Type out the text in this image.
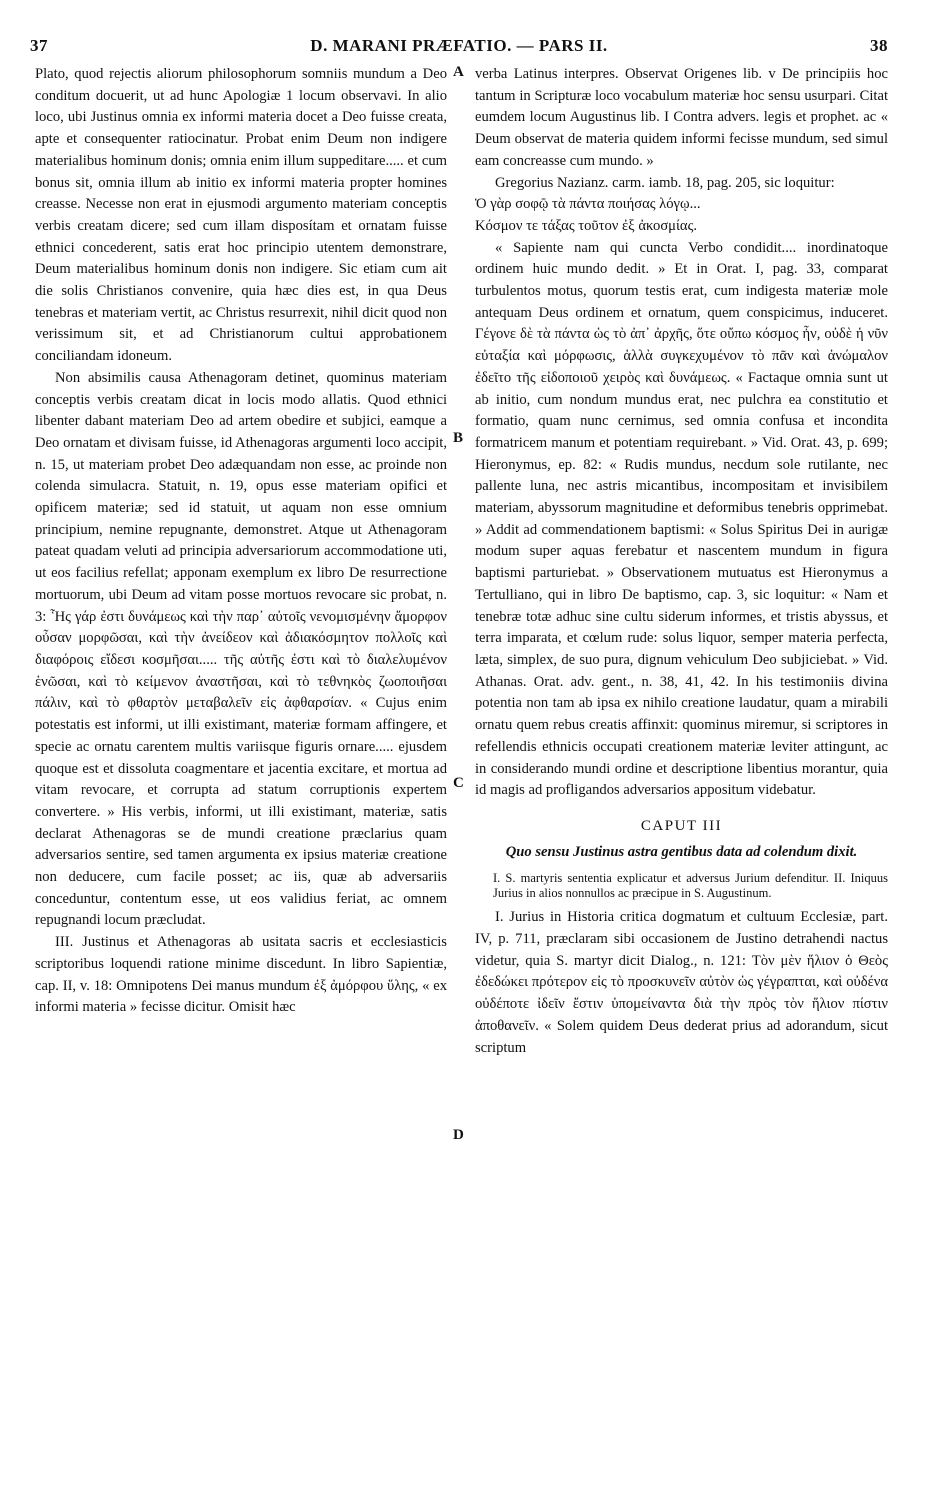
37	D. MARANI PRÆFATIO. — PARS II.	38
A
B
C
D

Plato, quod rejectis aliorum philosophorum somniis mundum a Deo conditum docuerit, ut ad hunc Apologiæ 1 locum observavi. In alio loco, ubi Justinus omnia ex informi materia docet a Deo fuisse creata, apte et consequenter ratiocinatur. Probat enim Deum non indigere materialibus hominum donis; omnia enim illum suppeditare..... et cum bonus sit, omnia illum ab initio ex informi materia propter homines creasse. Necesse non erat in ejusmodi argumento materiam conceptis verbis creatam dicere; sed cum illam disposítam et ornatam fuisse ethnici concederent, satis erat hoc principio utentem demonstrare, Deum materialibus hominum donis non indigere. Sic etiam cum ait die solis Christianos convenire, quia hæc dies est, in qua Deus tenebras et materiam vertit, ac Christus resurrexit, nihil dicit quod non verissimum sit, et ad Christianorum cultui approbationem conciliandam idoneum.

Non absimilis causa Athenagoram detinet, quominus materiam conceptis verbis creatam dicat in locis modo allatis. Quod ethnici libenter dabant materiam Deo ad artem obedire et subjici, eamque a Deo ornatam et divisam fuisse, id Athenagoras argumenti loco accipit, n. 15, ut materiam probet Deo adæquandam non esse, ac proinde non colenda simulacra. Statuit, n. 19, opus esse materiam opifici et opificem materiæ; sed id statuit, ut aquam non esse omnium principium, nemine repugnante, demonstret. Atque ut Athenagoram pateat quadam veluti ad principia adversariorum accommodatione uti, ut eos facilius refellat; apponam exemplum ex libro De resurrectione mortuorum, ubi Deum ad vitam posse mortuos revocare sic probat, n. 3: Ἧς γάρ ἐστι δυνάμεως καὶ τὴν παρ᾽ αὐτοῖς νενομισμένην ἄμορφον οὖσαν μορφῶσαι, καὶ τὴν ἀνείδεον καὶ ἀδιακόσμητον πολλοῖς καὶ διαφόροις εἴδεσι κοσμῆσαι..... τῆς αὐτῆς ἐστι καὶ τὸ διαλελυμένον ἑνῶσαι, καὶ τὸ κείμενον ἀναστῆσαι, καὶ τὸ τεθνηκὸς ζωοποιῆσαι πάλιν, καὶ τὸ φθαρτὸν μεταβαλεῖν εἰς ἀφθαρσίαν. « Cujus enim potestatis est informi, ut illi existimant, materiæ formam affingere, et specie ac ornatu carentem multis variisque figuris ornare..... ejusdem quoque est et dissoluta coagmentare et jacentia excitare, et mortua ad vitam revocare, et corrupta ad statum corruptionis expertem convertere. » His verbis, informi, ut illi existimant, materiæ, satis declarat Athenagoras se de mundi creatione præclarius quam adversarios sentire, sed tamen argumenta ex ipsius materiæ creatione non deducere, cum facile posset; ac iis, quæ ab adversariis conceduntur, contentum esse, ut eos validius feriat, ac omnem repugnandi locum præcludat.

III. Justinus et Athenagoras ab usitata sacris et ecclesiasticis scriptoribus loquendi ratione minime discedunt. In libro Sapientiæ, cap. II, v. 18: Omnipotens Dei manus mundum ἐξ ἀμόρφου ὕλης, « ex informi materia » fecisse dicitur. Omisit hæc

verba Latinus interpres. Observat Origenes lib. v De principiis hoc tantum in Scripturæ loco vocabulum materiæ hoc sensu usurpari. Citat eumdem locum Augustinus lib. I Contra advers. legis et prophet. ac « Deum observat de materia quidem informi fecisse mundum, sed simul eam concreasse cum mundo. »

Gregorius Nazianz. carm. iamb. 18, pag. 205, sic loquitur:

Ὁ γὰρ σοφῷ τὰ πάντα ποιήσας λόγῳ...
Κόσμον τε τάξας τοῦτον ἐξ ἀκοσμίας.

« Sapiente nam qui cuncta Verbo condidit.... inordinatoque ordinem huic mundo dedit. » Et in Orat. I, pag. 33, comparat turbulentos motus, quorum testis erat, cum indigesta materiæ mole antequam Deus ordinem et ornatum, quem conspicimus, induceret. Γέγονε δὲ τὰ πάντα ὡς τὸ ἀπ᾽ ἀρχῆς, ὅτε οὔπω κόσμος ἦν, οὐδὲ ἡ νῦν εὐταξία καὶ μόρφωσις, ἀλλὰ συγκεχυμένον τὸ πᾶν καὶ ἀνώμαλον ἐδεῖτο τῆς εἰδοποιοῦ χειρὸς καὶ δυνάμεως. « Factaque omnia sunt ut ab initio, cum nondum mundus erat, nec pulchra ea constitutio et formatio, quam nunc cernimus, sed omnia confusa et incondita formatricem manum et potentiam requirebant. » Vid. Orat. 43, p. 699; Hieronymus, ep. 82: « Rudis mundus, necdum sole rutilante, nec pallente luna, nec astris micantibus, incompositam et invisibilem materiam, abyssorum magnitudine et deformibus tenebris opprimebat. » Addit ad commendationem baptismi: « Solus Spiritus Dei in aurigæ modum super aquas ferebatur et nascentem mundum in figura baptismi parturiebat. » Observationem mutuatus est Hieronymus a Tertulliano, qui in libro De baptismo, cap. 3, sic loquitur: « Nam et tenebræ totæ adhuc sine cultu siderum informes, et tristis abyssus, et terra imparata, et cœlum rude: solus liquor, semper materia perfecta, læta, simplex, de suo pura, dignum vehiculum Deo subjiciebat. » Vid. Athanas. Orat. adv. gent., n. 38, 41, 42. In his testimoniis divina potentia non tam ab ipsa ex nihilo creatione laudatur, quam a mirabili ornatu quem rebus creatis affinxit: quominus miremur, si scriptores in refellendis ethnicis occupati creationem materiæ leviter attingunt, ac in considerando mundi ordine et descriptione libentius morantur, quia id magis ad profligandos adversarios appositum videbatur.

CAPUT III

Quo sensu Justinus astra gentibus data ad colendum dixit.

I. S. martyris sententia explicatur et adversus Jurium defenditur. II. Iniquus Jurius in alios nonnullos ac præcipue in S. Augustinum.

I. Jurius in Historia critica dogmatum et cultuum Ecclesiæ, part. IV, p. 711, præclaram sibi occasionem de Justino detrahendi nactus videtur, quia S. martyr dicit Dialog., n. 121: Τὸν μὲν ἥλιον ὁ Θεὸς ἐδεδώκει πρότερον εἰς τὸ προσκυνεῖν αὐτὸν ὡς γέγραπται, καὶ οὐδένα οὐδέποτε ἰδεῖν ἔστιν ὑπομείναντα διὰ τὴν πρὸς τὸν ἥλιον πίστιν ἀποθανεῖν. « Solem quidem Deus dederat prius ad adorandum, sicut scriptum
